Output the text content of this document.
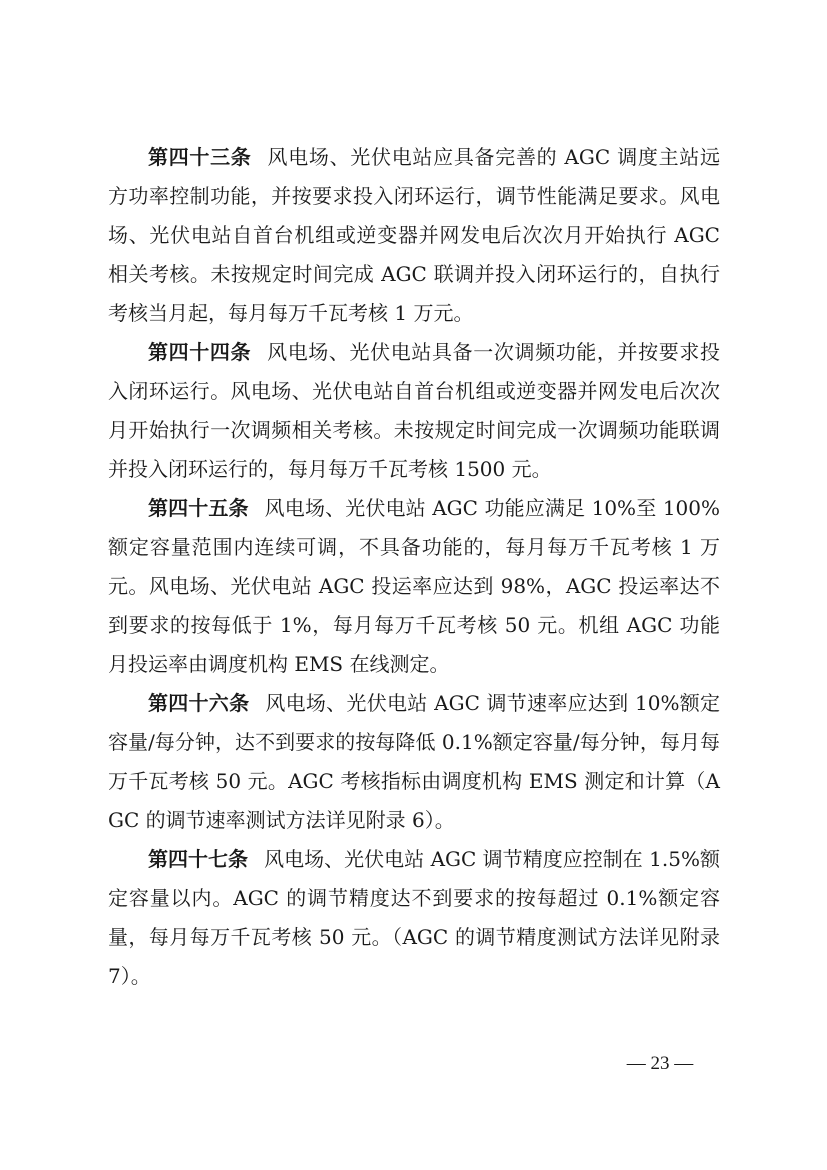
第四十三条 风电场、光伏电站应具备完善的 AGC 调度主站远方功率控制功能，并按要求投入闭环运行，调节性能满足要求。风电场、光伏电站自首台机组或逆变器并网发电后次次月开始执行 AGC 相关考核。未按规定时间完成 AGC 联调并投入闭环运行的，自执行考核当月起，每月每万千瓦考核 1 万元。

第四十四条 风电场、光伏电站具备一次调频功能，并按要求投入闭环运行。风电场、光伏电站自首台机组或逆变器并网发电后次次月开始执行一次调频相关考核。未按规定时间完成一次调频功能联调并投入闭环运行的，每月每万千瓦考核 1500 元。

第四十五条 风电场、光伏电站 AGC 功能应满足 10%至 100%额定容量范围内连续可调，不具备功能的，每月每万千瓦考核 1 万元。风电场、光伏电站 AGC 投运率应达到 98%，AGC 投运率达不到要求的按每低于 1%，每月每万千瓦考核 50 元。机组 AGC 功能月投运率由调度机构 EMS 在线测定。

第四十六条 风电场、光伏电站 AGC 调节速率应达到 10%额定容量/每分钟，达不到要求的按每降低 0.1%额定容量/每分钟，每月每万千瓦考核 50 元。AGC 考核指标由调度机构 EMS 测定和计算（AGC 的调节速率测试方法详见附录 6）。

第四十七条 风电场、光伏电站 AGC 调节精度应控制在 1.5%额定容量以内。AGC 的调节精度达不到要求的按每超过 0.1%额定容量，每月每万千瓦考核 50 元。（AGC 的调节精度测试方法详见附录 7）。

— 23 —
